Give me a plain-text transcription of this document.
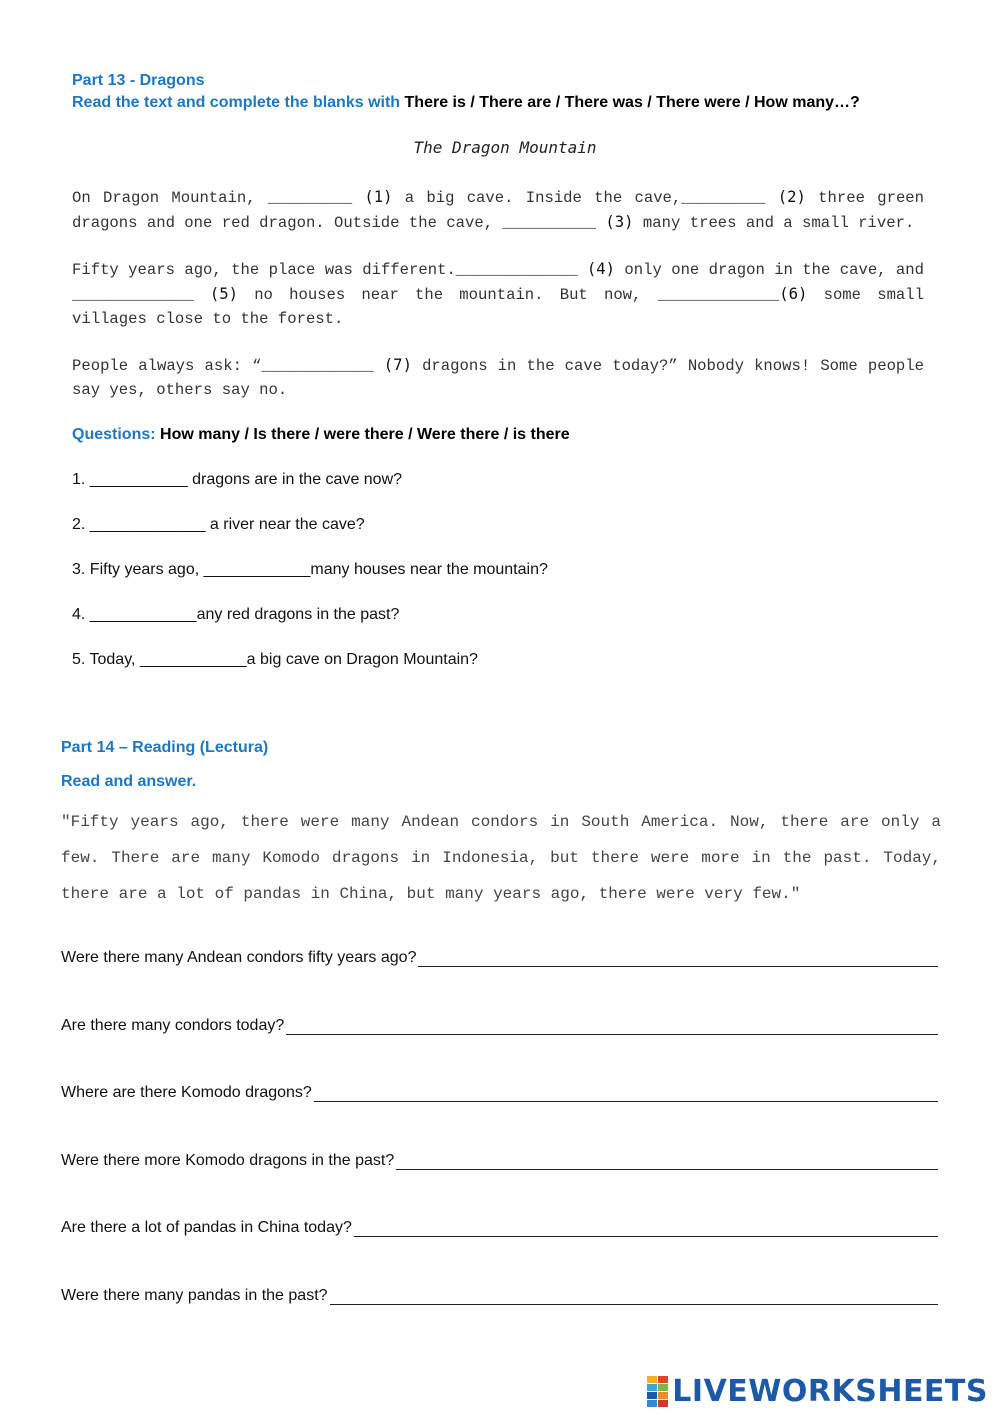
Part 13 - Dragons
Read the text and complete the blanks with There is / There are / There was / There were / How many…?
The Dragon Mountain
On Dragon Mountain, _________ (1) a big cave. Inside the cave,_________ (2) three green dragons and one red dragon. Outside the cave, __________ (3) many trees and a small river.
Fifty years ago, the place was different._____________ (4) only one dragon in the cave, and _____________ (5) no houses near the mountain. But now, _____________(6) some small villages close to the forest.
People always ask: “____________ (7) dragons in the cave today?” Nobody knows! Some people say yes, others say no.
Questions: How many / Is there / were there / Were there / is there
1. ___________ dragons are in the cave now?
2. _____________ a river near the cave?
3. Fifty years ago, ____________many houses near the mountain?
4. ____________any red dragons in the past?
5. Today, ____________a big cave on Dragon Mountain?
Part 14 – Reading (Lectura)
Read and answer.
"Fifty years ago, there were many Andean condors in South America. Now, there are only a few. There are many Komodo dragons in Indonesia, but there were more in the past. Today, there are a lot of pandas in China, but many years ago, there were very few."
Were there many Andean condors fifty years ago?
Are there many condors today?
Where are there Komodo dragons?
Were there more Komodo dragons in the past?
Are there a lot of pandas in China today?
Were there many pandas in the past?
LIVEWORKSHEETS
